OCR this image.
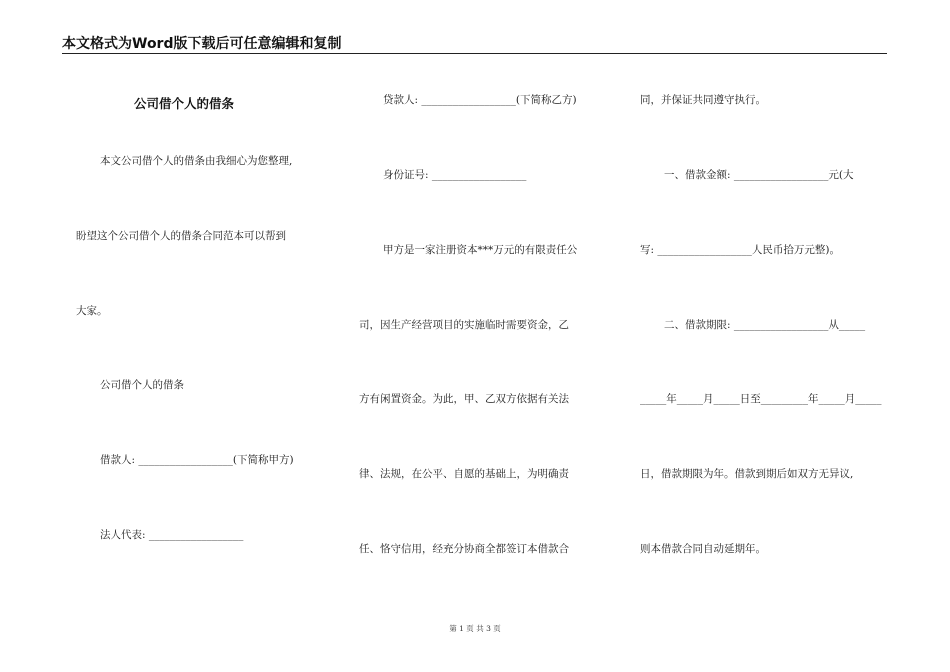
本文格式为Word版下载后可任意编辑和复制
公司借个人的借条
本文公司借个人的借条由我细心为您整理,
盼望这个公司借个人的借条合同范本可以帮到
大家。
公司借个人的借条
借款人: __________________(下简称甲方)
法人代表: __________________
贷款人: __________________(下简称乙方)
身份证号: __________________
甲方是一家注册资本***万元的有限责任公
司，因生产经营项目的实施临时需要资金，乙
方有闲置资金。为此，甲、乙双方依据有关法
律、法规，在公平、自愿的基础上，为明确责
任、恪守信用，经充分协商全都签订本借款合
同，并保证共同遵守执行。
一、借款金额: __________________元(大
写: __________________人民币拾万元整)。
二、借款期限: __________________从_____
_____年_____月_____日至_________年_____月_____
日，借款期限为年。借款到期后如双方无异议,
则本借款合同自动延期年。
第 1 页 共 3 页
